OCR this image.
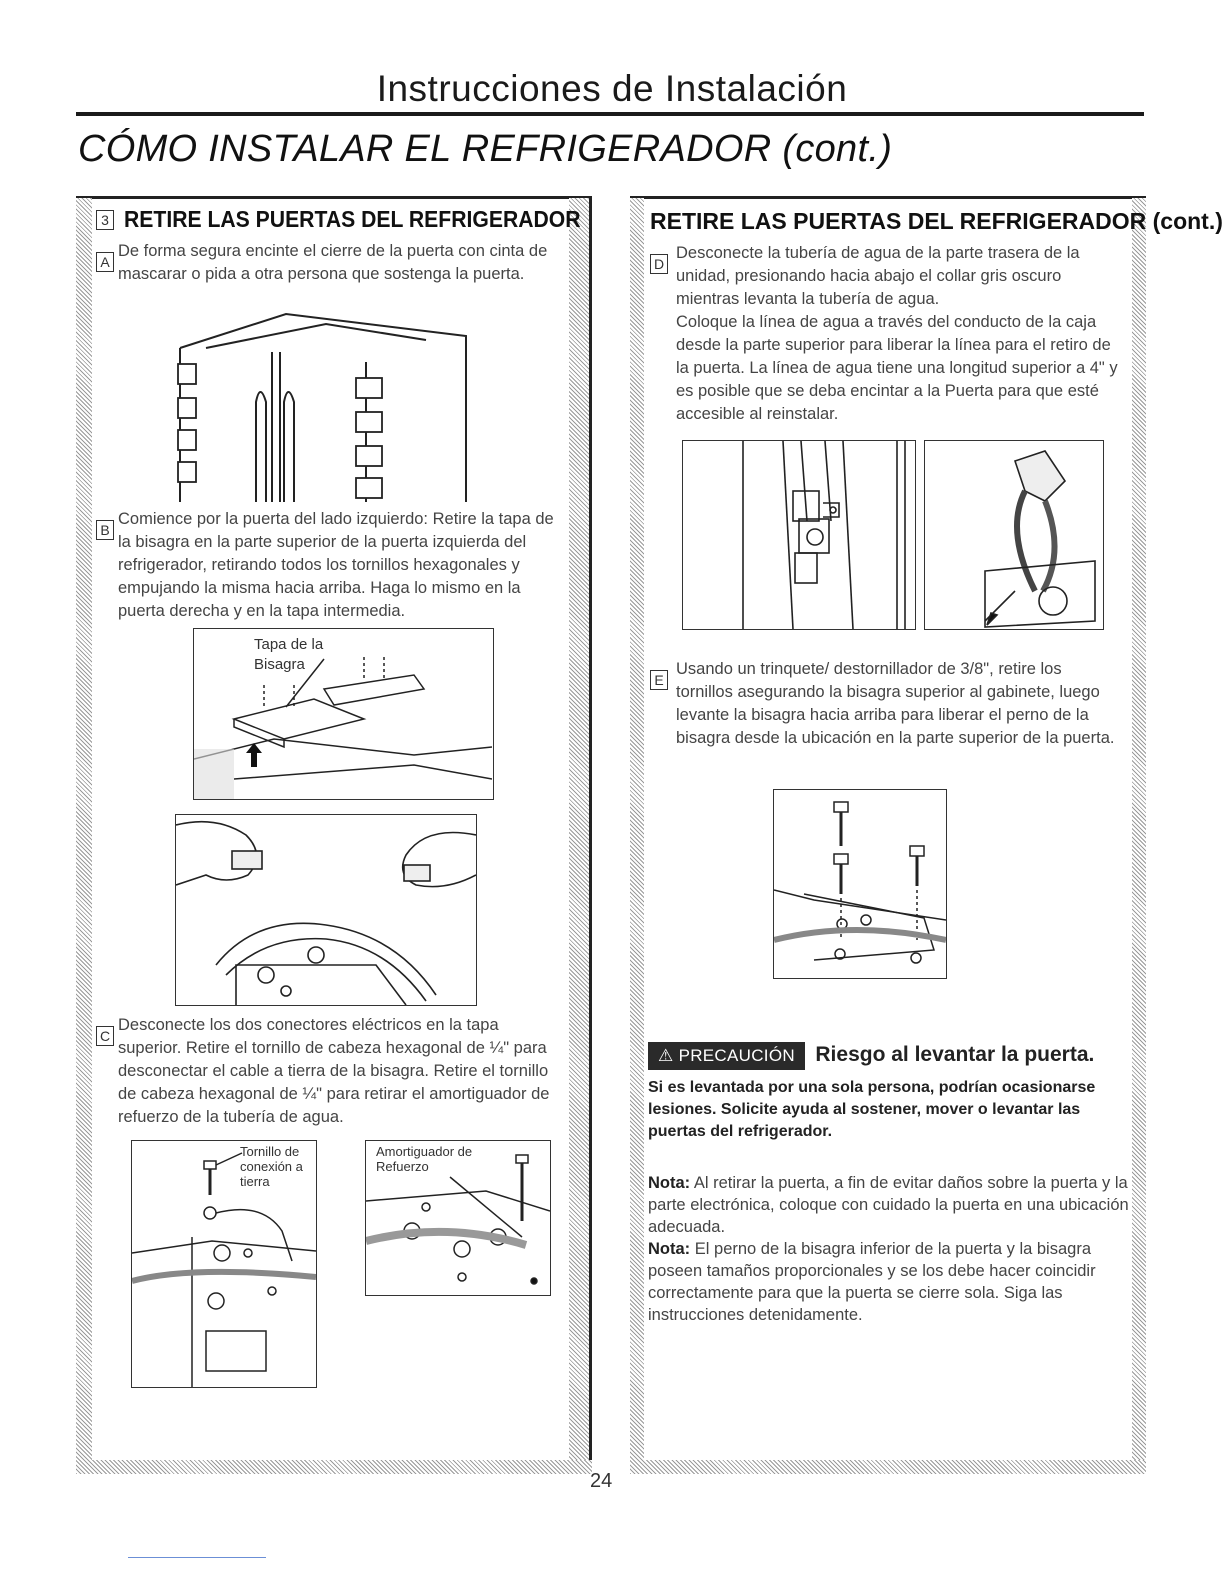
Instrucciones de Instalación
CÓMO INSTALAR EL REFRIGERADOR (cont.)
3 RETIRE LAS PUERTAS DEL REFRIGERADOR
A
De forma segura encinte el cierre de la puerta con cinta de mascarar o pida a otra persona que sostenga la puerta.
B
Comience por la puerta del lado izquierdo: Retire la tapa de la bisagra en la parte superior de la puerta izquierda del refrigerador, retirando todos los tornillos hexagonales y empujando la misma hacia arriba. Haga lo mismo en la puerta derecha y en la tapa intermedia.
Tapa de la Bisagra
C
Desconecte los dos conectores eléctricos en la tapa superior. Retire el tornillo de cabeza hexagonal de ¼" para desconectar el cable a tierra de la bisagra. Retire el tornillo de cabeza hexagonal de ¼" para retirar el amortiguador de refuerzo de la tubería de agua.
Tornillo de conexión a tierra
Amortiguador de Refuerzo
RETIRE LAS PUERTAS DEL REFRIGERADOR (cont.)
D
Desconecte la tubería de agua de la parte trasera de la unidad, presionando hacia abajo el collar gris oscuro mientras levanta la tubería de agua.
Coloque la línea de agua a través del conducto de la caja desde la parte superior para liberar la línea para el retiro de la puerta. La línea de agua tiene una longitud superior a 4" y es posible que se deba encintar a la Puerta para que esté accesible al reinstalar.
E
Usando un trinquete/ destornillador de 3/8", retire los tornillos asegurando la bisagra superior al gabinete, luego levante la bisagra hacia arriba para liberar el perno de la bisagra desde la ubicación en la parte superior de la puerta.
⚠ PRECAUCIÓN Riesgo al levantar la puerta.
Si es levantada por una sola persona, podrían ocasionarse lesiones. Solicite ayuda al sostener, mover o levantar las puertas del refrigerador.
Nota: Al retirar la puerta, a fin de evitar daños sobre la puerta y la parte electrónica, coloque con cuidado la puerta en una ubicación adecuada.
Nota: El perno de la bisagra inferior de la puerta y la bisagra poseen tamaños proporcionales y se los debe hacer coincidir correctamente para que la puerta se cierre sola. Siga las instrucciones detenidamente.
24
